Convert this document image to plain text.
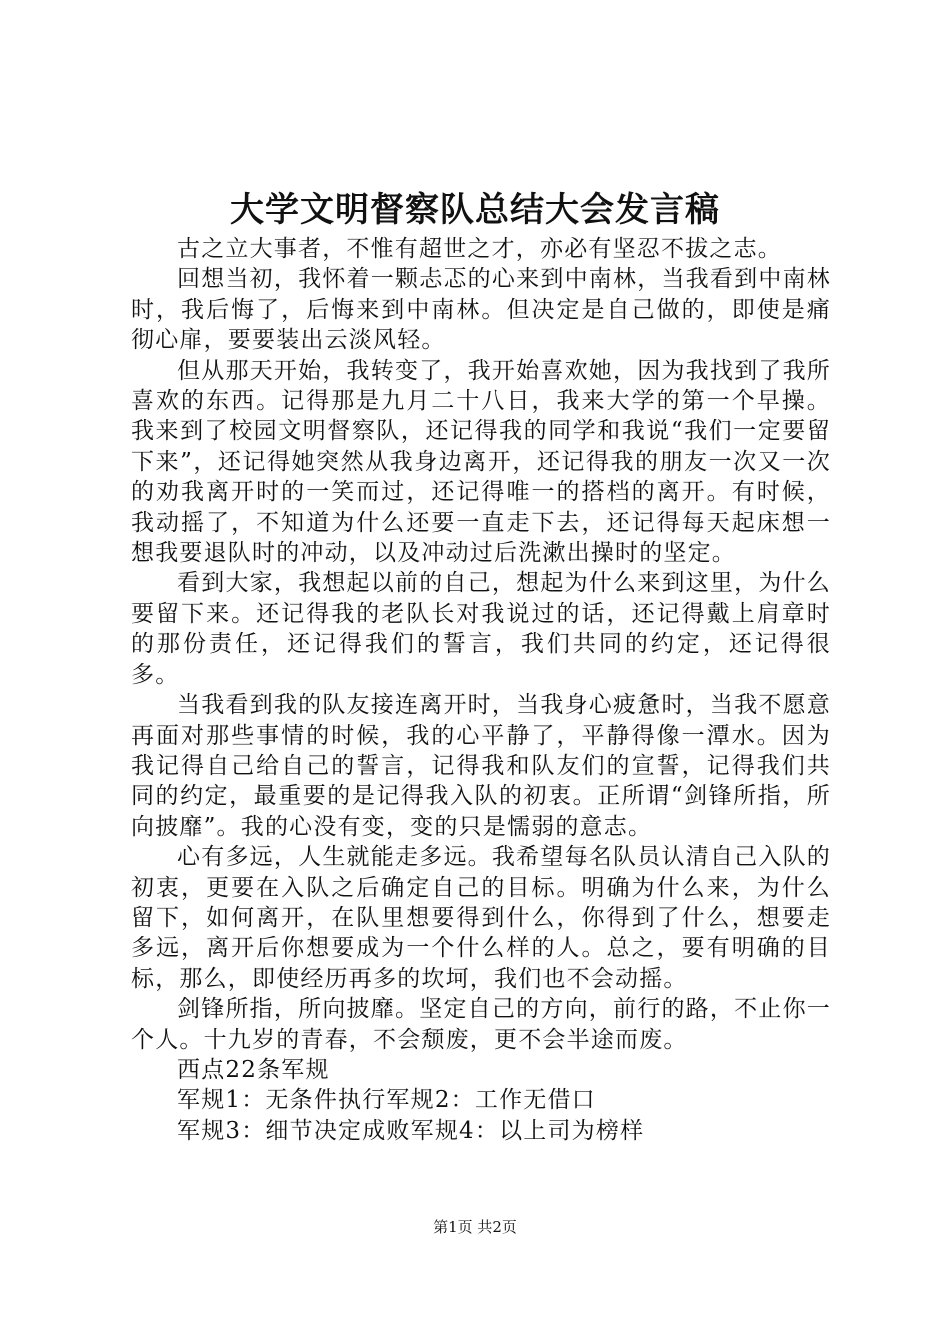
大学文明督察队总结大会发言稿

古之立大事者，不惟有超世之才，亦必有坚忍不拔之志。

回想当初，我怀着一颗忐忑的心来到中南林，当我看到中南林时，我后悔了，后悔来到中南林。但决定是自己做的，即使是痛彻心扉，要要装出云淡风轻。

但从那天开始，我转变了，我开始喜欢她，因为我找到了我所喜欢的东西。记得那是九月二十八日，我来大学的第一个早操。我来到了校园文明督察队，还记得我的同学和我说“我们一定要留下来”，还记得她突然从我身边离开，还记得我的朋友一次又一次的劝我离开时的一笑而过，还记得唯一的搭档的离开。有时候，我动摇了，不知道为什么还要一直走下去，还记得每天起床想一想我要退队时的冲动，以及冲动过后洗漱出操时的坚定。

看到大家，我想起以前的自己，想起为什么来到这里，为什么要留下来。还记得我的老队长对我说过的话，还记得戴上肩章时的那份责任，还记得我们的誓言，我们共同的约定，还记得很多。

当我看到我的队友接连离开时，当我身心疲惫时，当我不愿意再面对那些事情的时候，我的心平静了，平静得像一潭水。因为我记得自己给自己的誓言，记得我和队友们的宣誓，记得我们共同的约定，最重要的是记得我入队的初衷。正所谓“剑锋所指，所向披靡”。我的心没有变，变的只是懦弱的意志。

心有多远，人生就能走多远。我希望每名队员认清自己入队的初衷，更要在入队之后确定自己的目标。明确为什么来，为什么留下，如何离开，在队里想要得到什么，你得到了什么，想要走多远，离开后你想要成为一个什么样的人。总之，要有明确的目标，那么，即使经历再多的坎坷，我们也不会动摇。

剑锋所指，所向披靡。坚定自己的方向，前行的路，不止你一个人。十九岁的青春，不会颓废，更不会半途而废。

西点22条军规

军规1：无条件执行军规2：工作无借口

军规3：细节决定成败军规4：以上司为榜样

第1页 共2页
